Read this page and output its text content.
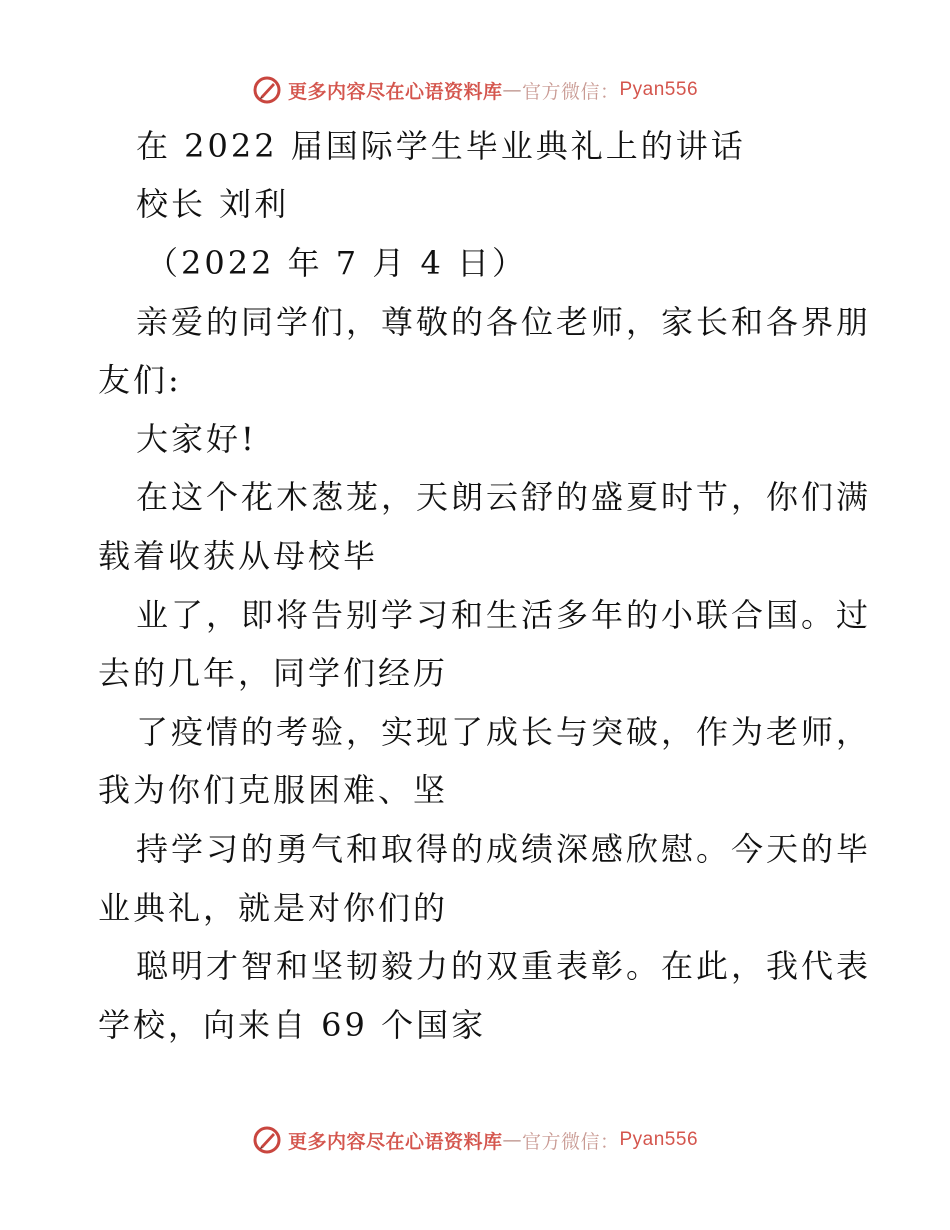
更多内容尽在心语资料库 — 官方微信： Pyan556
在 2022 届国际学生毕业典礼上的讲话
校长 刘利
（2022 年 7 月 4 日）
亲爱的同学们，尊敬的各位老师，家长和各界朋
友们:
大家好!
在这个花木葱茏，天朗云舒的盛夏时节，你们满
载着收获从母校毕
业了，即将告别学习和生活多年的小联合国。过
去的几年，同学们经历
了疫情的考验，实现了成长与突破，作为老师，
我为你们克服困难、坚
持学习的勇气和取得的成绩深感欣慰。今天的毕
业典礼，就是对你们的
聪明才智和坚韧毅力的双重表彰。在此，我代表
学校，向来自 69 个国家
更多内容尽在心语资料库 — 官方微信： Pyan556
